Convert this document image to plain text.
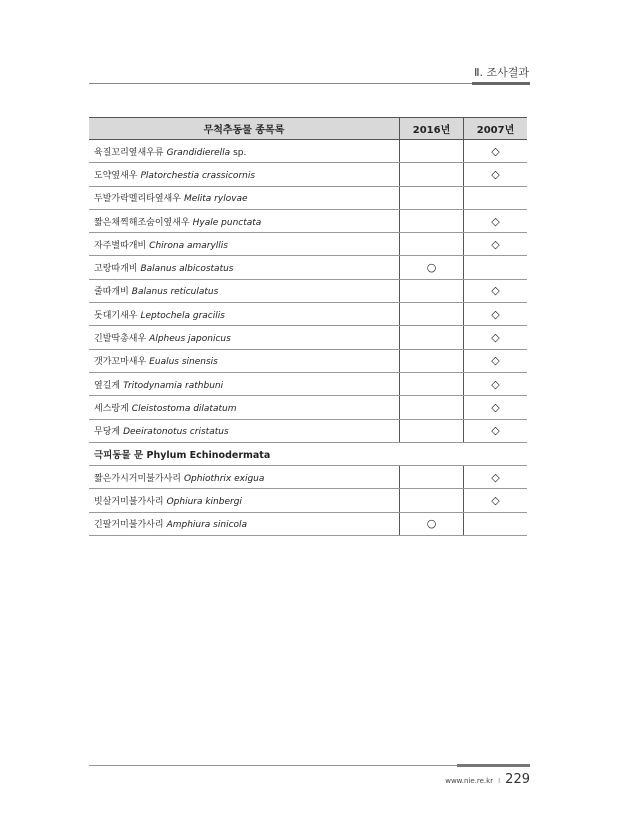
Ⅱ. 조사결과
무척추동물 종목록	2016년	2007년
육질꼬리옆새우류 Grandidierella sp.		◇
도약옆새우 Platorchestia crassicornis		◇
두발가락멜리타옆새우 Melita rylovae		
짧은채찍해조숨이옆새우 Hyale punctata		◇
자주별따개비 Chirona amaryllis		◇
고랑따개비 Balanus albicostatus	○	
줄따개비 Balanus reticulatus		◇
돗대기새우 Leptochela gracilis		◇
긴발딱총새우 Alpheus japonicus		◇
갯가꼬마새우 Eualus sinensis		◇
옆길게 Tritodynamia rathbuni		◇
세스랑게 Cleistostoma dilatatum		◇
무당게 Deeiratonotus cristatus		◇
극피동물 문 Phylum Echinodermata		
짧은가시거미불가사리 Ophiothrix exigua		◇
빗살거미불가사리 Ophiura kinbergi		◇
긴팔거미불가사리 Amphiura sinicola	○	
www.nie.re.kr I 229
